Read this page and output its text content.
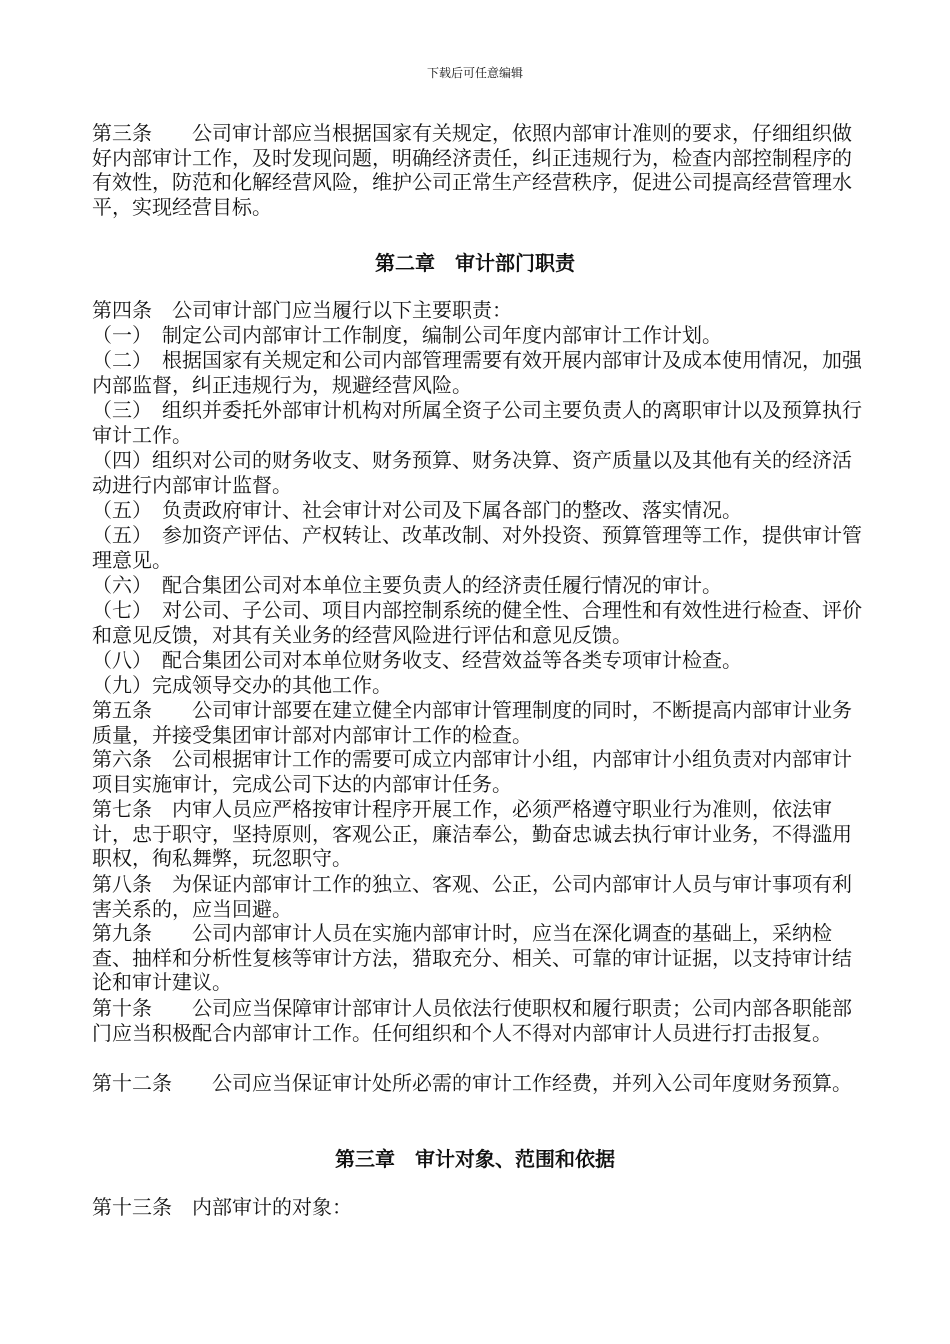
下载后可任意编辑

第三条　　公司审计部应当根据国家有关规定，依照内部审计准则的要求，仔细组织做好内部审计工作，及时发现问题，明确经济责任，纠正违规行为，检查内部控制程序的有效性，防范和化解经营风险，维护公司正常生产经营秩序，促进公司提高经营管理水平，实现经营目标。

第二章　审计部门职责

第四条　公司审计部门应当履行以下主要职责：

（一）　制定公司内部审计工作制度，编制公司年度内部审计工作计划。

（二）　根据国家有关规定和公司内部管理需要有效开展内部审计及成本使用情况，加强内部监督，纠正违规行为，规避经营风险。

（三）　组织并委托外部审计机构对所属全资子公司主要负责人的离职审计以及预算执行审计工作。

（四）组织对公司的财务收支、财务预算、财务决算、资产质量以及其他有关的经济活动进行内部审计监督。

（五）　负责政府审计、社会审计对公司及下属各部门的整改、落实情况。

（五）　参加资产评估、产权转让、改革改制、对外投资、预算管理等工作，提供审计管理意见。

（六）　配合集团公司对本单位主要负责人的经济责任履行情况的审计。

（七）　对公司、子公司、项目内部控制系统的健全性、合理性和有效性进行检查、评价和意见反馈，对其有关业务的经营风险进行评估和意见反馈。

（八）　配合集团公司对本单位财务收支、经营效益等各类专项审计检查。

（九）完成领导交办的其他工作。

第五条　　公司审计部要在建立健全内部审计管理制度的同时，不断提高内部审计业务质量，并接受集团审计部对内部审计工作的检查。

第六条　公司根据审计工作的需要可成立内部审计小组，内部审计小组负责对内部审计项目实施审计，完成公司下达的内部审计任务。

第七条　内审人员应严格按审计程序开展工作，必须严格遵守职业行为准则，依法审计，忠于职守，坚持原则，客观公正，廉洁奉公，勤奋忠诚去执行审计业务，不得滥用职权，徇私舞弊，玩忽职守。

第八条　为保证内部审计工作的独立、客观、公正，公司内部审计人员与审计事项有利害关系的，应当回避。

第九条　　公司内部审计人员在实施内部审计时，应当在深化调查的基础上，采纳检查、抽样和分析性复核等审计方法，猎取充分、相关、可靠的审计证据，以支持审计结论和审计建议。

第十条　　公司应当保障审计部审计人员依法行使职权和履行职责；公司内部各职能部门应当积极配合内部审计工作。任何组织和个人不得对内部审计人员进行打击报复。

第十二条　　公司应当保证审计处所必需的审计工作经费，并列入公司年度财务预算。

第三章　审计对象、范围和依据

第十三条　内部审计的对象：
